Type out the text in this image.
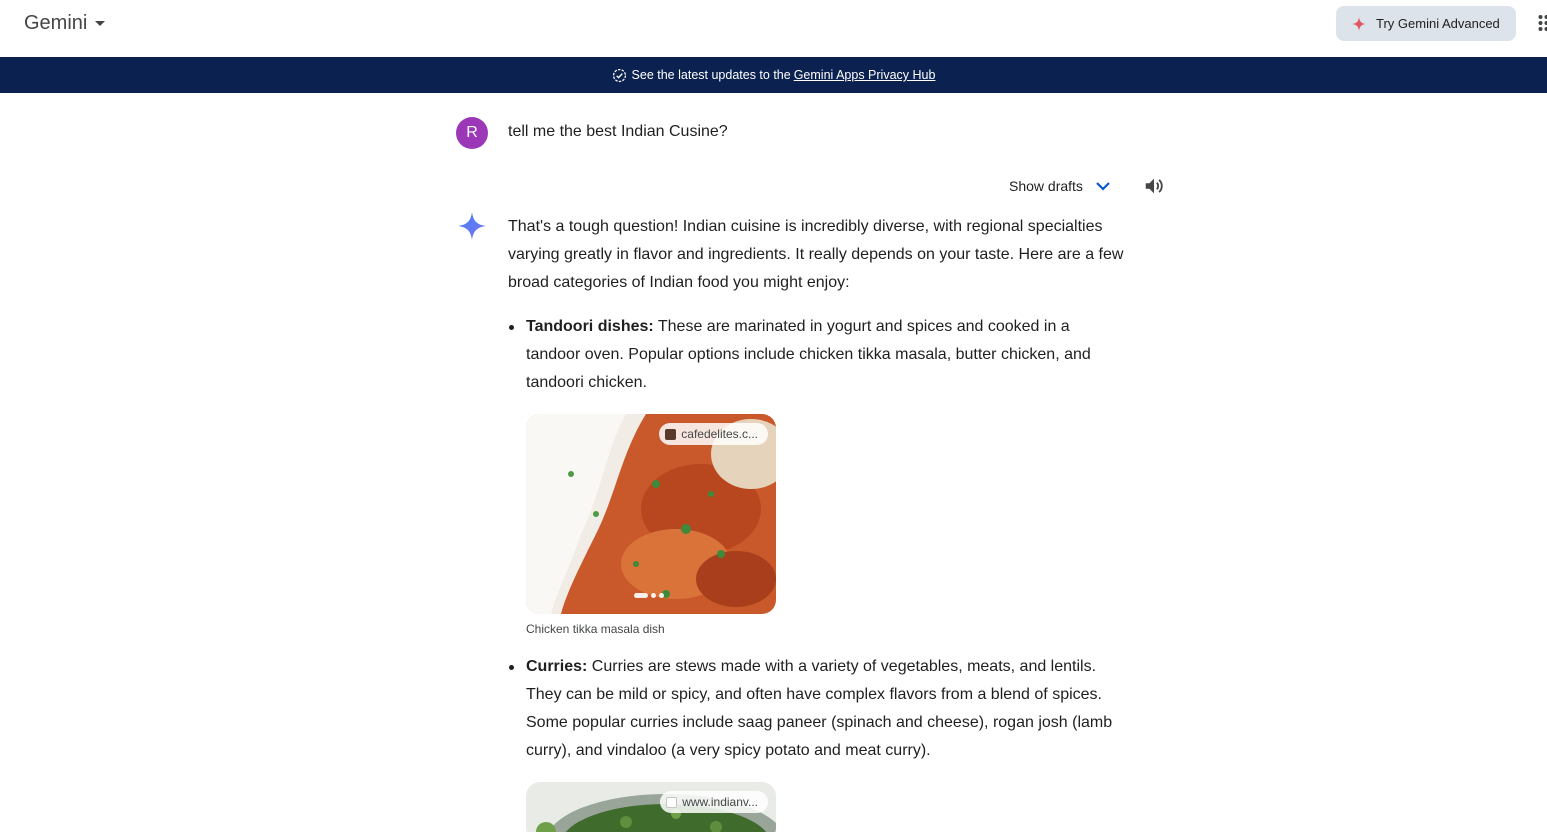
Gemini	Try Gemini Advanced
See the latest updates to the Gemini Apps Privacy Hub
R	tell me the best Indian Cusine?
Show drafts
That's a tough question! Indian cuisine is incredibly diverse, with regional specialties varying greatly in flavor and ingredients. It really depends on your taste. Here are a few broad categories of Indian food you might enjoy:
Tandoori dishes: These are marinated in yogurt and spices and cooked in a tandoor oven. Popular options include chicken tikka masala, butter chicken, and tandoori chicken.
cafedelites.c...
Chicken tikka masala dish
Curries: Curries are stews made with a variety of vegetables, meats, and lentils. They can be mild or spicy, and often have complex flavors from a blend of spices. Some popular curries include saag paneer (spinach and cheese), rogan josh (lamb curry), and vindaloo (a very spicy potato and meat curry).
www.indianv...
